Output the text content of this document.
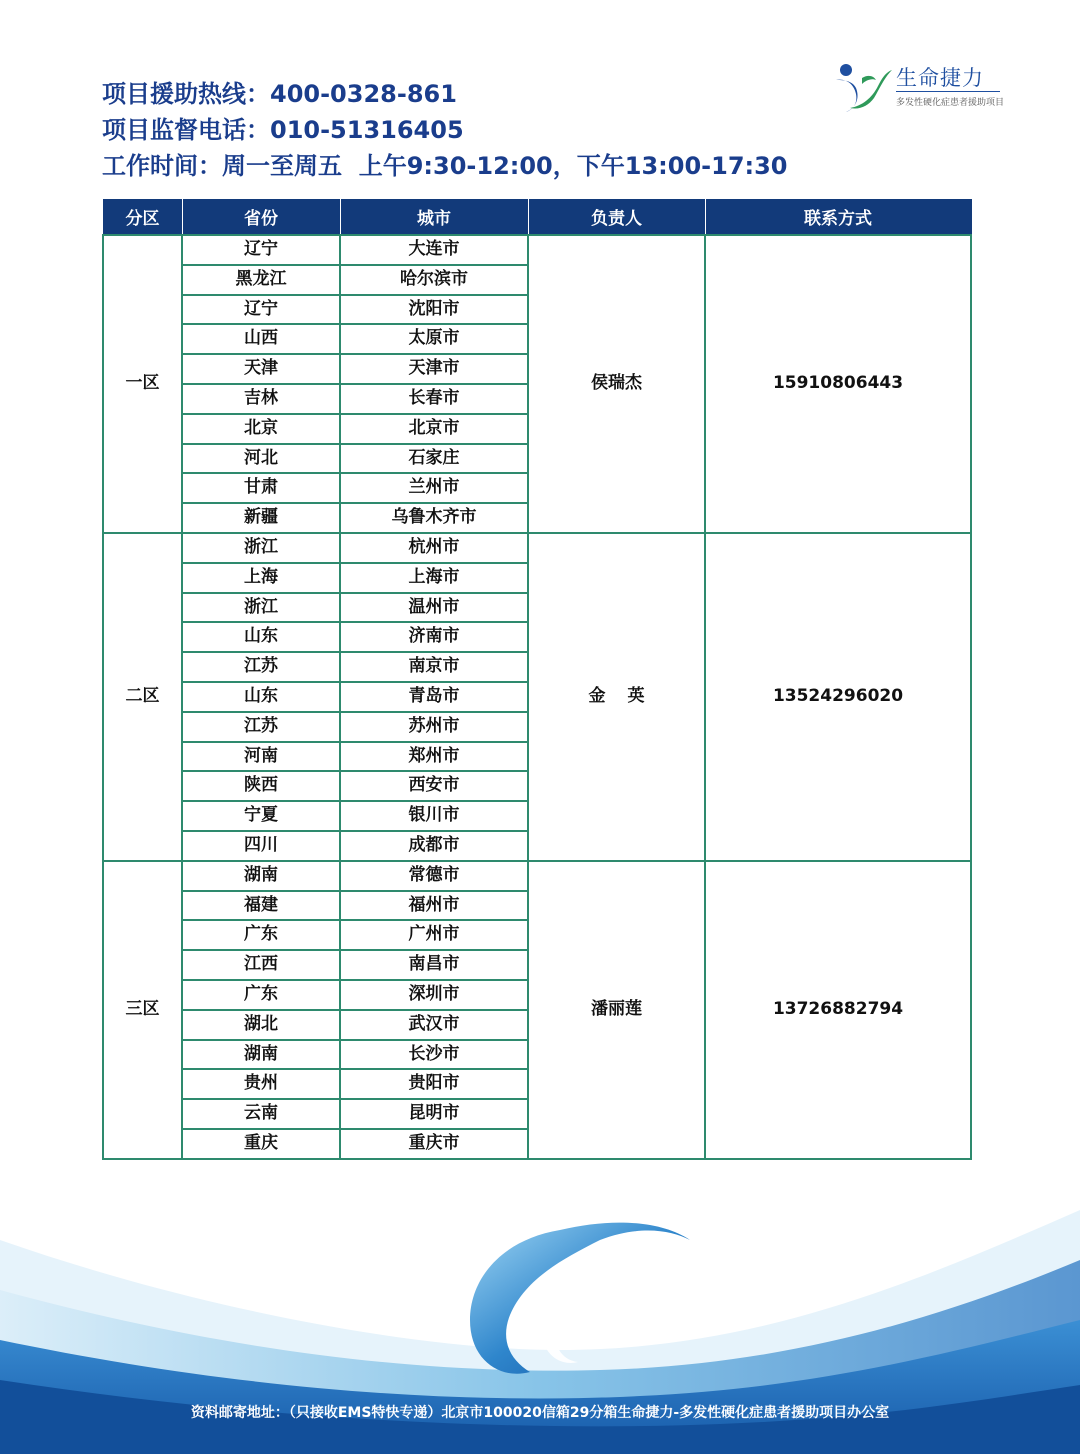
项目援助热线：400-0328-861
项目监督电话：010-51316405
工作时间：周一至周五  上午9:30-12:00，下午13:00-17:30
生命捷力
多发性硬化症患者援助项目
分区	省份	城市	负责人	联系方式
一区	辽宁	大连市	侯瑞杰	15910806443
	黑龙江	哈尔滨市		
	辽宁	沈阳市		
	山西	太原市		
	天津	天津市		
	吉林	长春市		
	北京	北京市		
	河北	石家庄		
	甘肃	兰州市		
	新疆	乌鲁木齐市		
二区	浙江	杭州市	金英	13524296020
	上海	上海市		
	浙江	温州市		
	山东	济南市		
	江苏	南京市		
	山东	青岛市		
	江苏	苏州市		
	河南	郑州市		
	陕西	西安市		
	宁夏	银川市		
	四川	成都市		
三区	湖南	常德市	潘丽莲	13726882794
	福建	福州市		
	广东	广州市		
	江西	南昌市		
	广东	深圳市		
	湖北	武汉市		
	湖南	长沙市		
	贵州	贵阳市		
	云南	昆明市		
	重庆	重庆市		
资料邮寄地址：（只接收EMS特快专递）北京市100020信箱29分箱生命捷力-多发性硬化症患者援助项目办公室
